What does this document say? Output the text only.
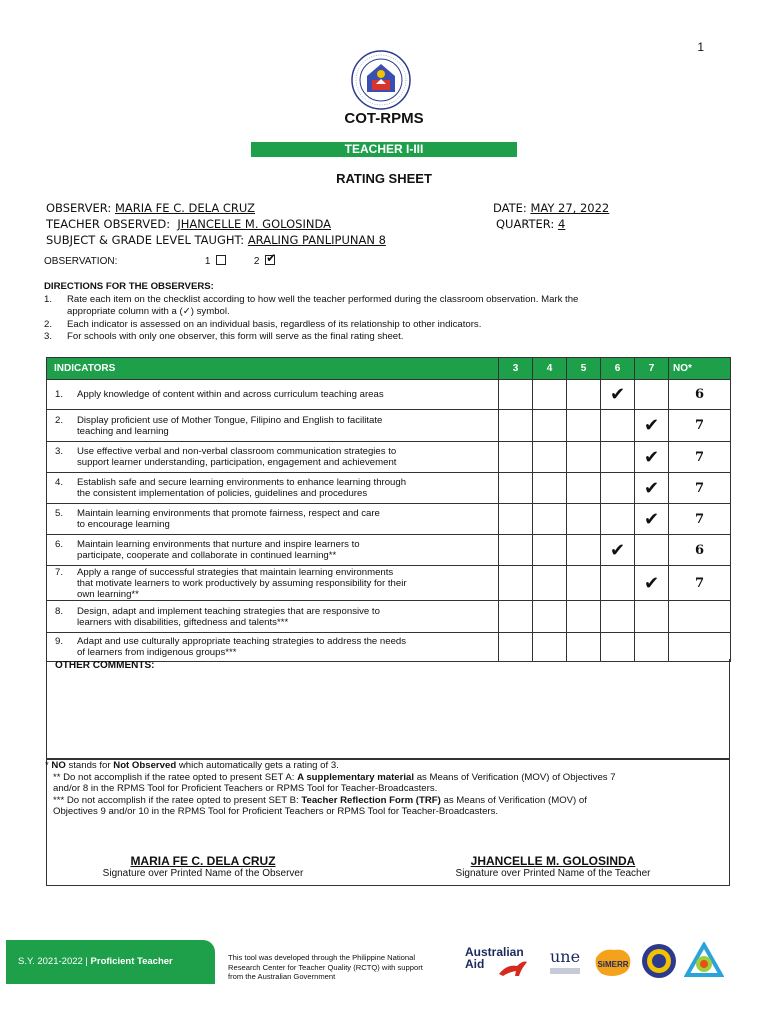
1
COT-RPMS
TEACHER I-III
RATING SHEET
OBSERVER: MARIA FE C. DELA CRUZ	DATE: MAY 27, 2022
TEACHER OBSERVED: JHANCELLE M. GOLOSINDA	QUARTER: 4
SUBJECT & GRADE LEVEL TAUGHT: ARALING PANLIPUNAN 8
OBSERVATION:	1	2 ✔
DIRECTIONS FOR THE OBSERVERS:
1.	Rate each item on the checklist according to how well the teacher performed during the classroom observation. Mark the
appropriate column with a (✓) symbol.
2.	Each indicator is assessed on an individual basis, regardless of its relationship to other indicators.
3.	For schools with only one observer, this form will serve as the final rating sheet.
INDICATORS	3	4	5	6	7	NO*

1. Apply knowledge of content within and across curriculum teaching areas				✔		6

2. Display proficient use of Mother Tongue, Filipino and English to facilitate
teaching and learning					✔	7

3. Use effective verbal and non-verbal classroom communication strategies to
support learner understanding, participation, engagement and achievement					✔	7

4. Establish safe and secure learning environments to enhance learning through
the consistent implementation of policies, guidelines and procedures					✔	7

5. Maintain learning environments that promote fairness, respect and care
to encourage learning					✔	7

6. Maintain learning environments that nurture and inspire learners to
participate, cooperate and collaborate in continued learning**				✔		6

7. Apply a range of successful strategies that maintain learning environments
that motivate learners to work productively by assuming responsibility for their
own learning**					✔	7

8. Design, adapt and implement teaching strategies that are responsive to
learners with disabilities, giftedness and talents***						

9. Adapt and use culturally appropriate teaching strategies to address the needs
of learners from indigenous groups***						

OTHER COMMENTS:
* NO stands for Not Observed which automatically gets a rating of 3.
** Do not accomplish if the ratee opted to present SET A: A supplementary material as Means of Verification (MOV) of Objectives 7
and/or 8 in the RPMS Tool for Proficient Teachers or RPMS Tool for Teacher-Broadcasters.
*** Do not accomplish if the ratee opted to present SET B: Teacher Reflection Form (TRF) as Means of Verification (MOV) of
Objectives 9 and/or 10 in the RPMS Tool for Proficient Teachers or RPMS Tool for Teacher-Broadcasters.
MARIA FE C. DELA CRUZ
Signature over Printed Name of the Observer
JHANCELLE M. GOLOSINDA
Signature over Printed Name of the Teacher
S.Y. 2021-2022 | Proficient Teacher	This tool was developed through the Philippine National
Research Center for Teacher Quality (RCTQ) with support
from the Australian Government
Australian
Aid	une	SiMERR
